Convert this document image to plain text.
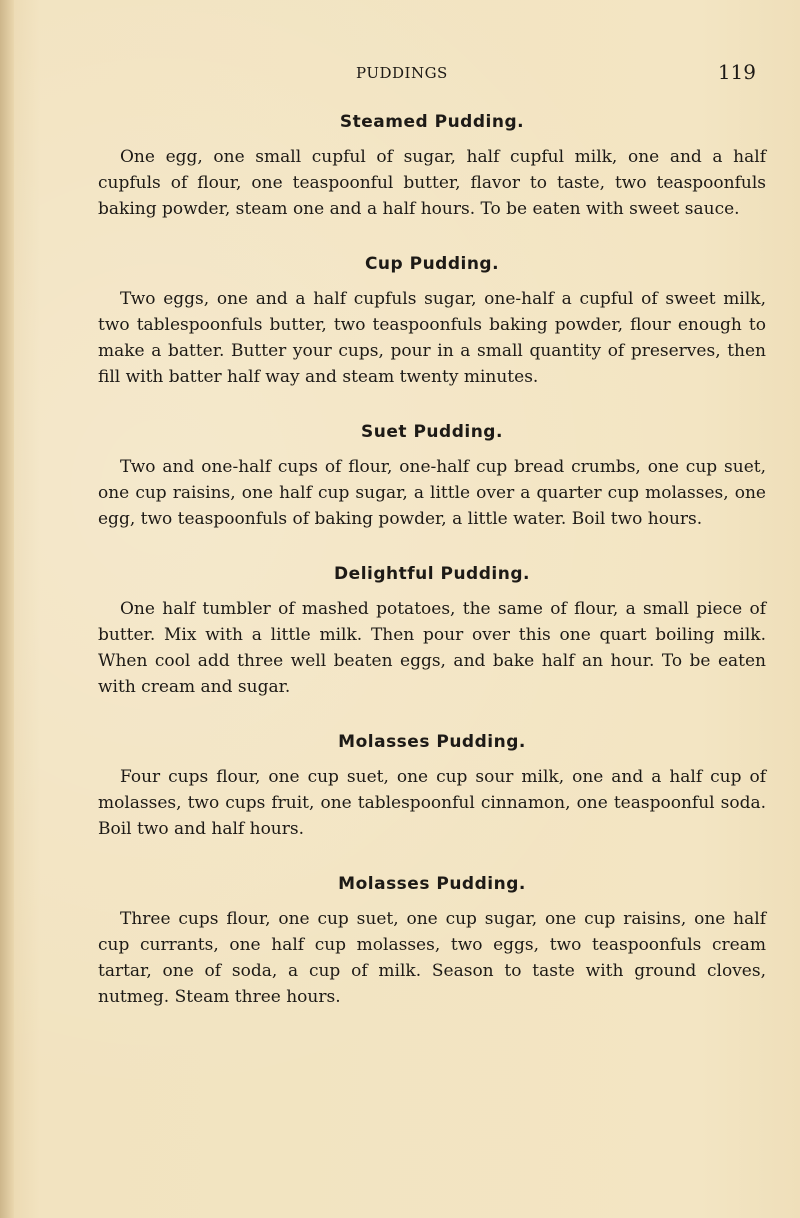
PUDDINGS	119
Steamed Pudding.

One egg, one small cupful of sugar, half cupful milk, one and a half cupfuls of flour, one teaspoonful butter, flavor to taste, two teaspoonfuls baking powder, steam one and a half hours. To be eaten with sweet sauce.

Cup Pudding.

Two eggs, one and a half cupfuls sugar, one-half a cupful of sweet milk, two tablespoonfuls butter, two teaspoonfuls baking powder, flour enough to make a batter. Butter your cups, pour in a small quantity of preserves, then fill with batter half way and steam twenty minutes.

Suet Pudding.

Two and one-half cups of flour, one-half cup bread crumbs, one cup suet, one cup raisins, one half cup sugar, a little over a quarter cup molasses, one egg, two teaspoonfuls of baking powder, a little water. Boil two hours.

Delightful Pudding.

One half tumbler of mashed potatoes, the same of flour, a small piece of butter. Mix with a little milk. Then pour over this one quart boiling milk. When cool add three well beaten eggs, and bake half an hour. To be eaten with cream and sugar.

Molasses Pudding.

Four cups flour, one cup suet, one cup sour milk, one and a half cup of molasses, two cups fruit, one tablespoonful cinnamon, one teaspoonful soda. Boil two and half hours.

Molasses Pudding.

Three cups flour, one cup suet, one cup sugar, one cup raisins, one half cup currants, one half cup molasses, two eggs, two teaspoonfuls cream tartar, one of soda, a cup of milk. Season to taste with ground cloves, nutmeg. Steam three hours.
